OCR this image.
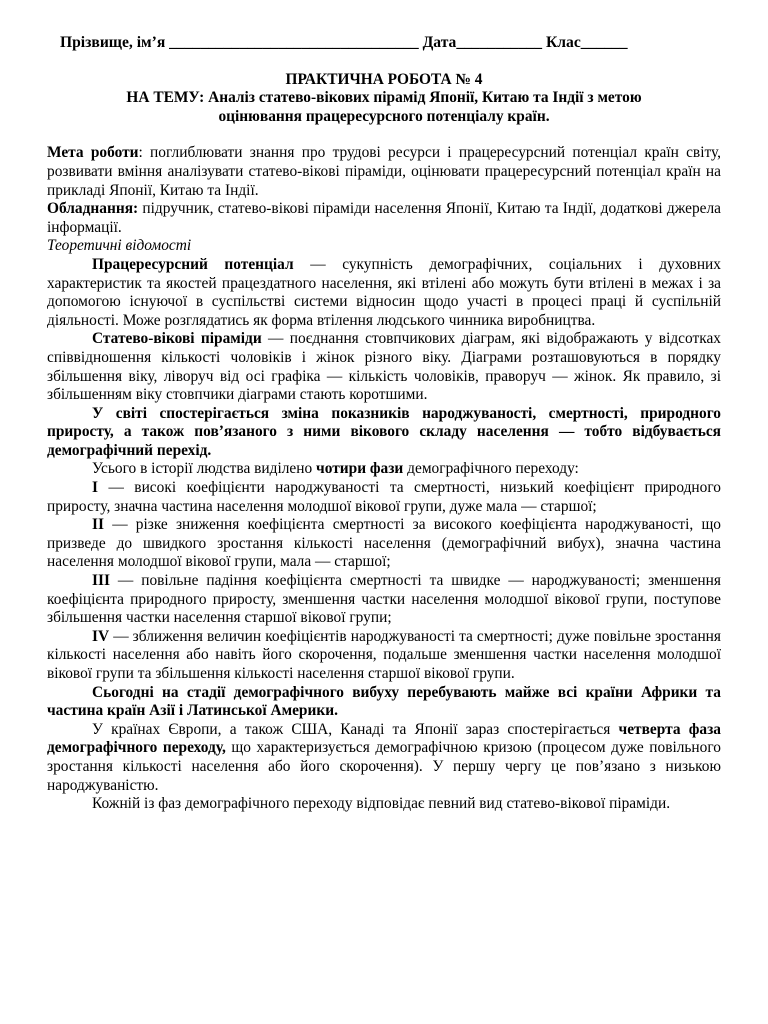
Прізвище, ім’я ________________________________ Дата___________ Клас______
ПРАКТИЧНА РОБОТА № 4
НА ТЕМУ: Аналіз статево-вікових пірамід Японії, Китаю та Індії з метою
оцінювання працересурсного потенціалу країн.

Мета роботи: поглиблювати знання про трудові ресурси і працересурсний потенціал країн світу, розвивати вміння аналізувати статево-вікові піраміди, оцінювати працересурсний потенціал країн на прикладі Японії, Китаю та Індії.

Обладнання: підручник, статево-вікові піраміди населення Японії, Китаю та Індії, додаткові джерела інформації.

Теоретичні відомості

Працересурсний потенціал — сукупність демографічних, соціальних і духовних характеристик та якостей працездатного населення, які втілені або можуть бути втілені в межах і за допомогою існуючої в суспільстві системи відносин щодо участі в процесі праці й суспільній діяльності. Може розглядатись як форма втілення людського чинника виробництва.

Статево-вікові піраміди — поєднання стовпчикових діаграм, які відображають у відсотках співвідношення кількості чоловіків і жінок різного віку. Діаграми розташовуються в порядку збільшення віку, ліворуч від осі графіка — кількість чоловіків, праворуч — жінок. Як правило, зі збільшенням віку стовпчики діаграми стають коротшими.

У світі спостерігається зміна показників народжуваності, смертності, природного приросту, а також пов’язаного з ними вікового складу населення — тобто відбувається демографічний перехід.

Усього в історії людства виділено чотири фази демографічного переходу:

I — високі коефіцієнти народжуваності та смертності, низький коефіцієнт природного приросту, значна частина населення молодшої вікової групи, дуже мала — старшої;

II — різке зниження коефіцієнта смертності за високого коефіцієнта народжуваності, що призведе до швидкого зростання кількості населення (демографічний вибух), значна частина населення молодшої вікової групи, мала — старшої;

III — повільне падіння коефіцієнта смертності та швидке — народжуваності; зменшення коефіцієнта природного приросту, зменшення частки населення молодшої вікової групи, поступове збільшення частки населення старшої вікової групи;

IV — зближення величин коефіцієнтів народжуваності та смертності; дуже повільне зростання кількості населення або навіть його скорочення, подальше зменшення частки населення молодшої вікової групи та збільшення кількості населення старшої вікової групи.

Сьогодні на стадії демографічного вибуху перебувають майже всі країни Африки та частина країн Азії і Латинської Америки.

У країнах Європи, а також США, Канаді та Японії зараз спостерігається четверта фаза демографічного переходу, що характеризується демографічною кризою (процесом дуже повільного зростання кількості населення або його скорочення). У першу чергу це пов’язано з низькою народжуваністю.

Кожній із фаз демографічного переходу відповідає певний вид статево-вікової піраміди.
